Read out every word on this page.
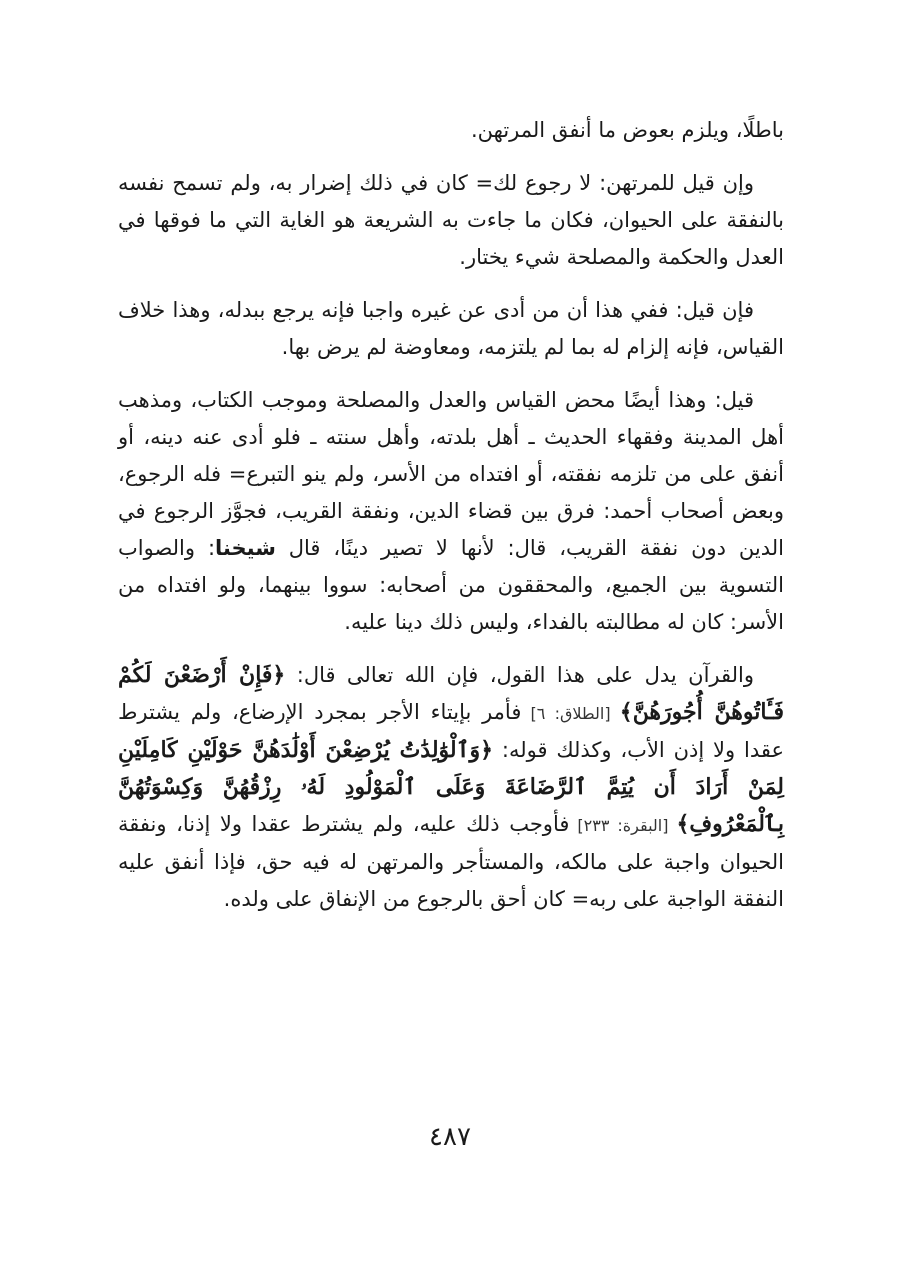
باطلًا، ويلزم بعوض ما أنفق المرتهن.

وإن قيل للمرتهن: لا رجوع لك= كان في ذلك إضرار به، ولم تسمح نفسه بالنفقة على الحيوان، فكان ما جاءت به الشريعة هو الغاية التي ما فوقها في العدل والحكمة والمصلحة شيء يختار.

فإن قيل: ففي هذا أن من أدى عن غيره واجبا فإنه يرجع ببدله، وهذا خلاف القياس، فإنه إلزام له بما لم يلتزمه، ومعاوضة لم يرض بها.

قيل: وهذا أيضًا محض القياس والعدل والمصلحة وموجب الكتاب، ومذهب أهل المدينة وفقهاء الحديث ـ أهل بلدته، وأهل سنته ـ فلو أدى عنه دينه، أو أنفق على من تلزمه نفقته، أو افتداه من الأسر، ولم ينو التبرع= فله الرجوع، وبعض أصحاب أحمد: فرق بين قضاء الدين، ونفقة القريب، فجوَّز الرجوع في الدين دون نفقة القريب، قال: لأنها لا تصير دينًا، قال شيخنا: والصواب التسوية بين الجميع، والمحققون من أصحابه: سووا بينهما، ولو افتداه من الأسر: كان له مطالبته بالفداء، وليس ذلك دينا عليه.

والقرآن يدل على هذا القول، فإن الله تعالى قال: ﴿فَإِنْ أَرْضَعْنَ لَكُمْ فَـَٔاتُوهُنَّ أُجُورَهُنَّ﴾ [الطلاق: ٦] فأمر بإيتاء الأجر بمجرد الإرضاع، ولم يشترط عقدا ولا إذن الأب، وكذلك قوله: ﴿وَٱلْوَٰلِدَٰتُ يُرْضِعْنَ أَوْلَٰدَهُنَّ حَوْلَيْنِ كَامِلَيْنِ لِمَنْ أَرَادَ أَن يُتِمَّ ٱلرَّضَاعَةَ وَعَلَى ٱلْمَوْلُودِ لَهُۥ رِزْقُهُنَّ وَكِسْوَتُهُنَّ بِٱلْمَعْرُوفِ﴾ [البقرة: ٢٣٣] فأوجب ذلك عليه، ولم يشترط عقدا ولا إذنا، ونفقة الحيوان واجبة على مالكه، والمستأجر والمرتهن له فيه حق، فإذا أنفق عليه النفقة الواجبة على ربه= كان أحق بالرجوع من الإنفاق على ولده.

٤٨٧
